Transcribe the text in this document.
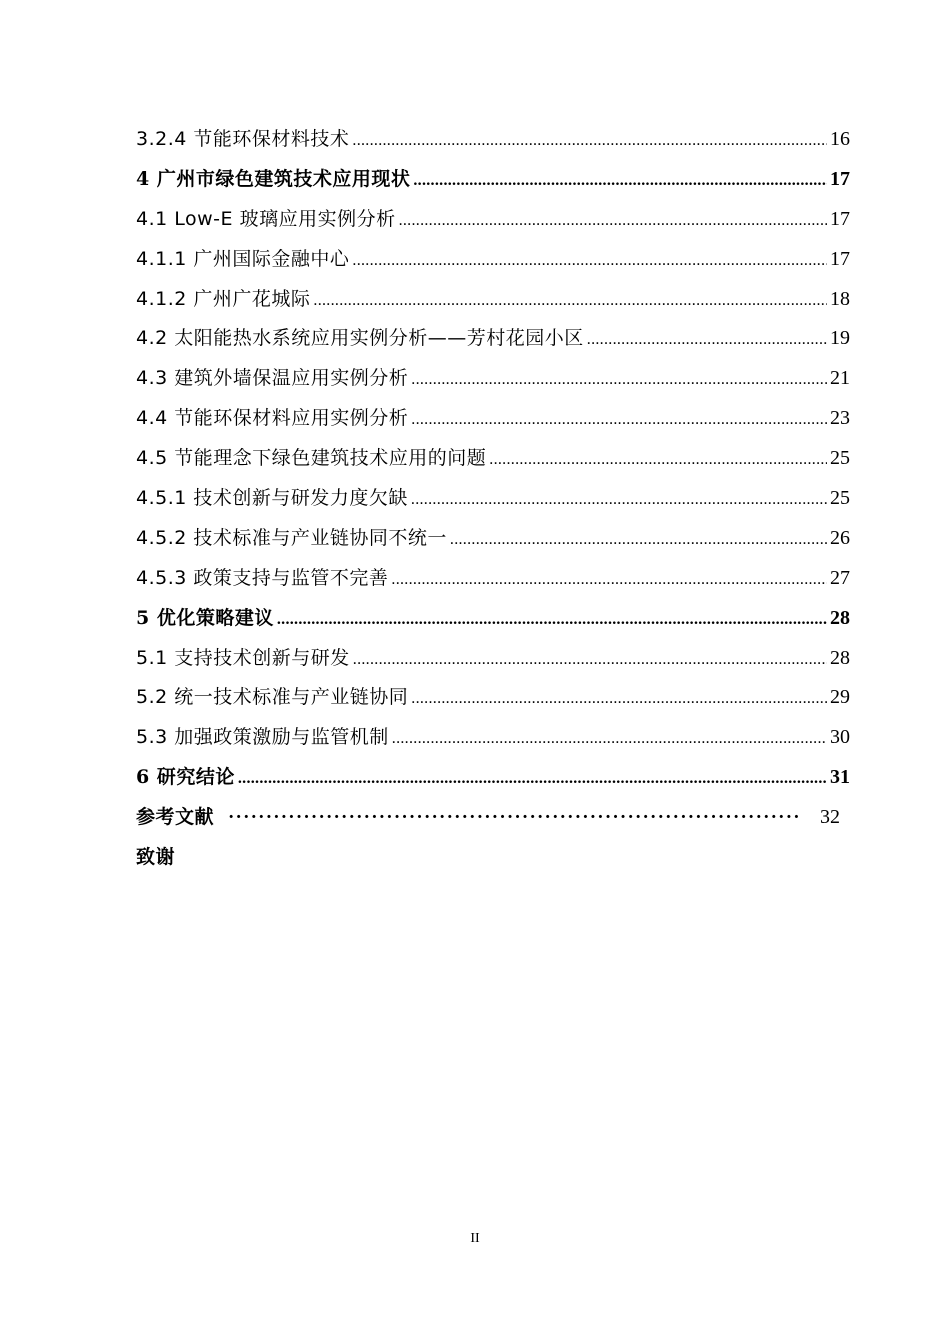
3.2.4 节能环保材料技术 .....	16
4 广州市绿色建筑技术应用现状 .....	17
4.1 Low-E 玻璃应用实例分析 .....	17
4.1.1 广州国际金融中心 .....	17
4.1.2 广州广花城际 .....	18
4.2 太阳能热水系统应用实例分析——芳村花园小区 .....	19
4.3 建筑外墙保温应用实例分析 .....	21
4.4 节能环保材料应用实例分析 .....	23
4.5 节能理念下绿色建筑技术应用的问题 .....	25
4.5.1 技术创新与研发力度欠缺 .....	25
4.5.2 技术标准与产业链协同不统一 .....	26
4.5.3 政策支持与监管不完善 .....	27
5 优化策略建议 .....	28
5.1 支持技术创新与研发 .....	28
5.2 统一技术标准与产业链协同 .....	29
5.3 加强政策激励与监管机制 .....	30
6 研究结论 .....	31
参考文献 ·····	32
致谢
II
